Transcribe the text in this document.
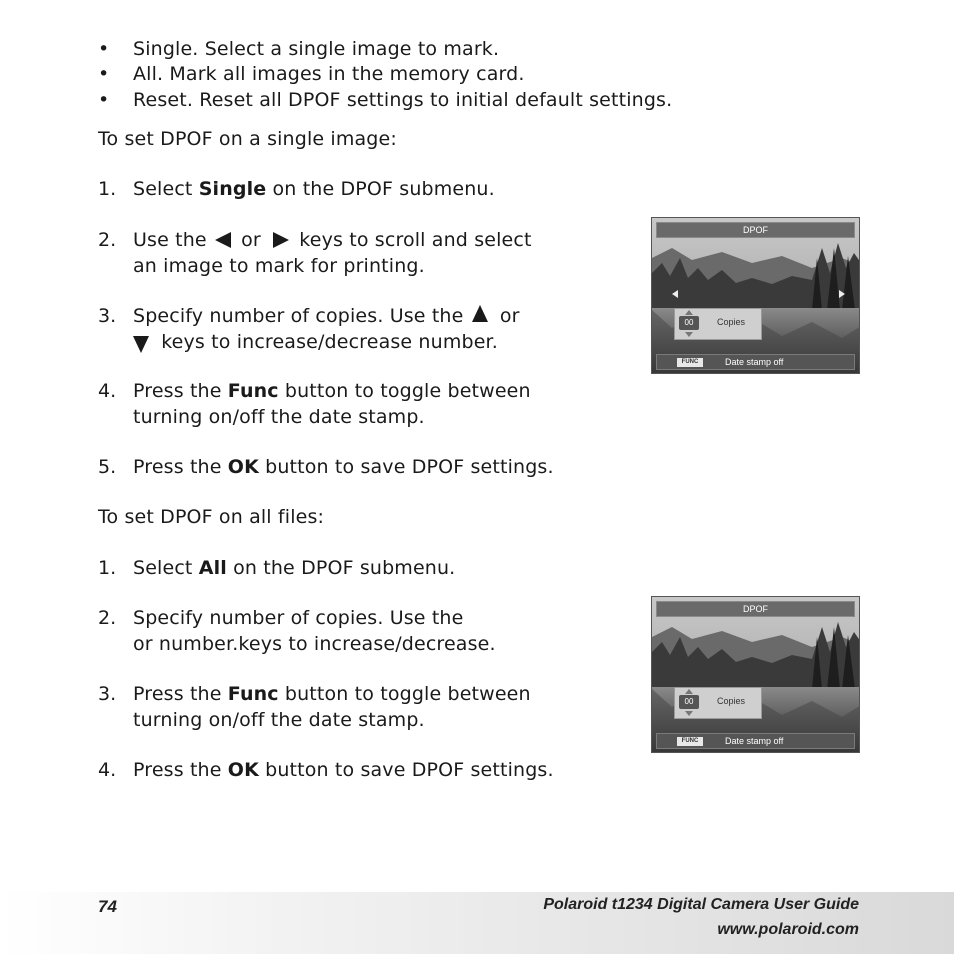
• Single. Select a single image to mark.
• All. Mark all images in the memory card.
• Reset. Reset all DPOF settings to initial default settings.
To set DPOF on a single image:
1. Select Single on the DPOF submenu.
2. Use the  or  keys to scroll and select
an image to mark for printing.
3. Specify number of copies. Use the  or
keys to increase/decrease number.
4. Press the Func button to toggle between
turning on/off the date stamp.
5. Press the OK button to save DPOF settings.
To set DPOF on all files:
1. Select All on the DPOF submenu.
2. Specify number of copies. Use the
or number.keys to increase/decrease.
3. Press the Func button to toggle between
turning on/off the date stamp.
4. Press the OK button to save DPOF settings.
DPOF
00	Copies
FUNC	Date stamp off
DPOF
00	Copies
FUNC	Date stamp off
74	Polaroid t1234 Digital Camera User Guide
www.polaroid.com
